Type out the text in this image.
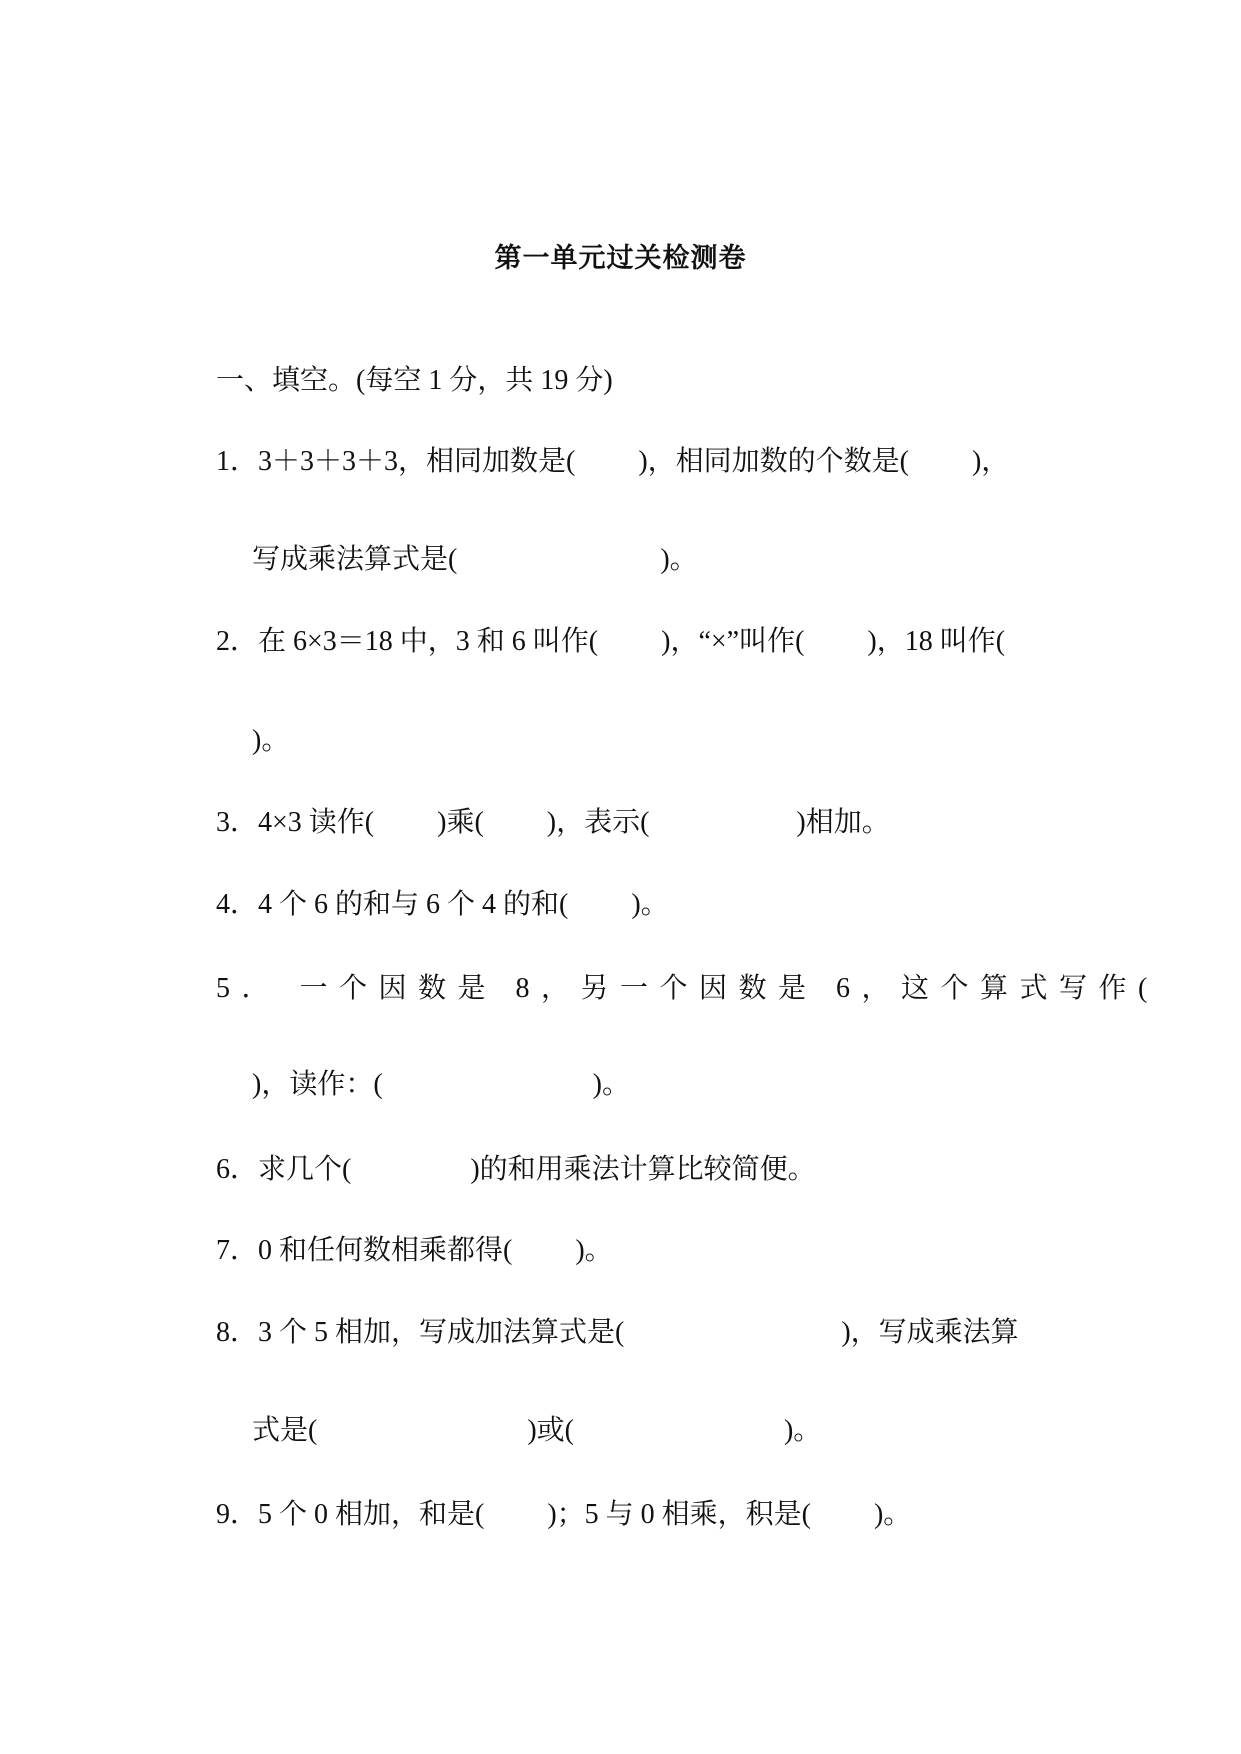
第一单元过关检测卷
一、填空。(每空 1 分，共 19 分)
1．3＋3＋3＋3，相同加数是(         )，相同加数的个数是(         )，
写成乘法算式是(                             )。
2．在 6×3＝18 中，3 和 6 叫作(         )，“×”叫作(         )，18 叫作(
)。
3．4×3 读作(         )乘(         )，表示(                     )相加。
4．4 个 6 的和与 6 个 4 的和(         )。
5． 一个因数是 8，另一个因数是 6，这个算式写作(
)，读作：(                              )。
6．求几个(                 )的和用乘法计算比较简便。
7．0 和任何数相乘都得(         )。
8．3 个 5 相加，写成加法算式是(                               )，写成乘法算
式是(                              )或(                              )。
9．5 个 0 相加，和是(         )；5 与 0 相乘，积是(         )。
